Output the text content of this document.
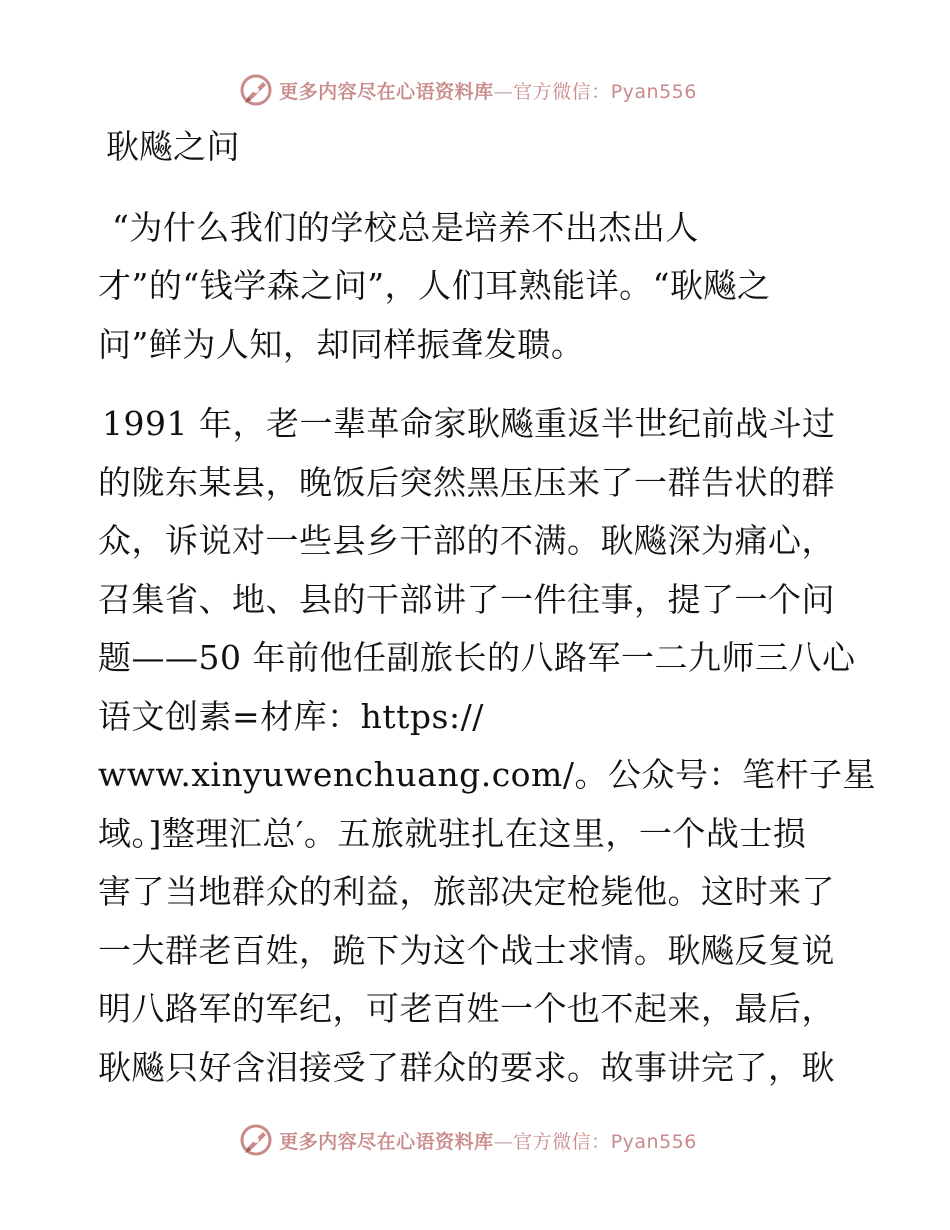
更多内容尽在心语资料库—官方微信：Pyan556
耿飚之问
“为什么我们的学校总是培养不出杰出人
才”的“钱学森之问”，人们耳熟能详。“耿飚之
问”鲜为人知，却同样振聋发聩。
1991 年，老一辈革命家耿飚重返半世纪前战斗过
的陇东某县，晚饭后突然黑压压来了一群告状的群
众，诉说对一些县乡干部的不满。耿飚深为痛心，
召集省、地、县的干部讲了一件往事，提了一个问
题——50 年前他任副旅长的八路军一二九师三八心
语文创素=材库：https://
www.xinyuwenchuang.com/。公众号：笔杆子星
域。]整理汇总′。五旅就驻扎在这里，一个战士损
害了当地群众的利益，旅部决定枪毙他。这时来了
一大群老百姓，跪下为这个战士求情。耿飚反复说
明八路军的军纪，可老百姓一个也不起来，最后，
耿飚只好含泪接受了群众的要求。故事讲完了，耿
更多内容尽在心语资料库—官方微信：Pyan556
